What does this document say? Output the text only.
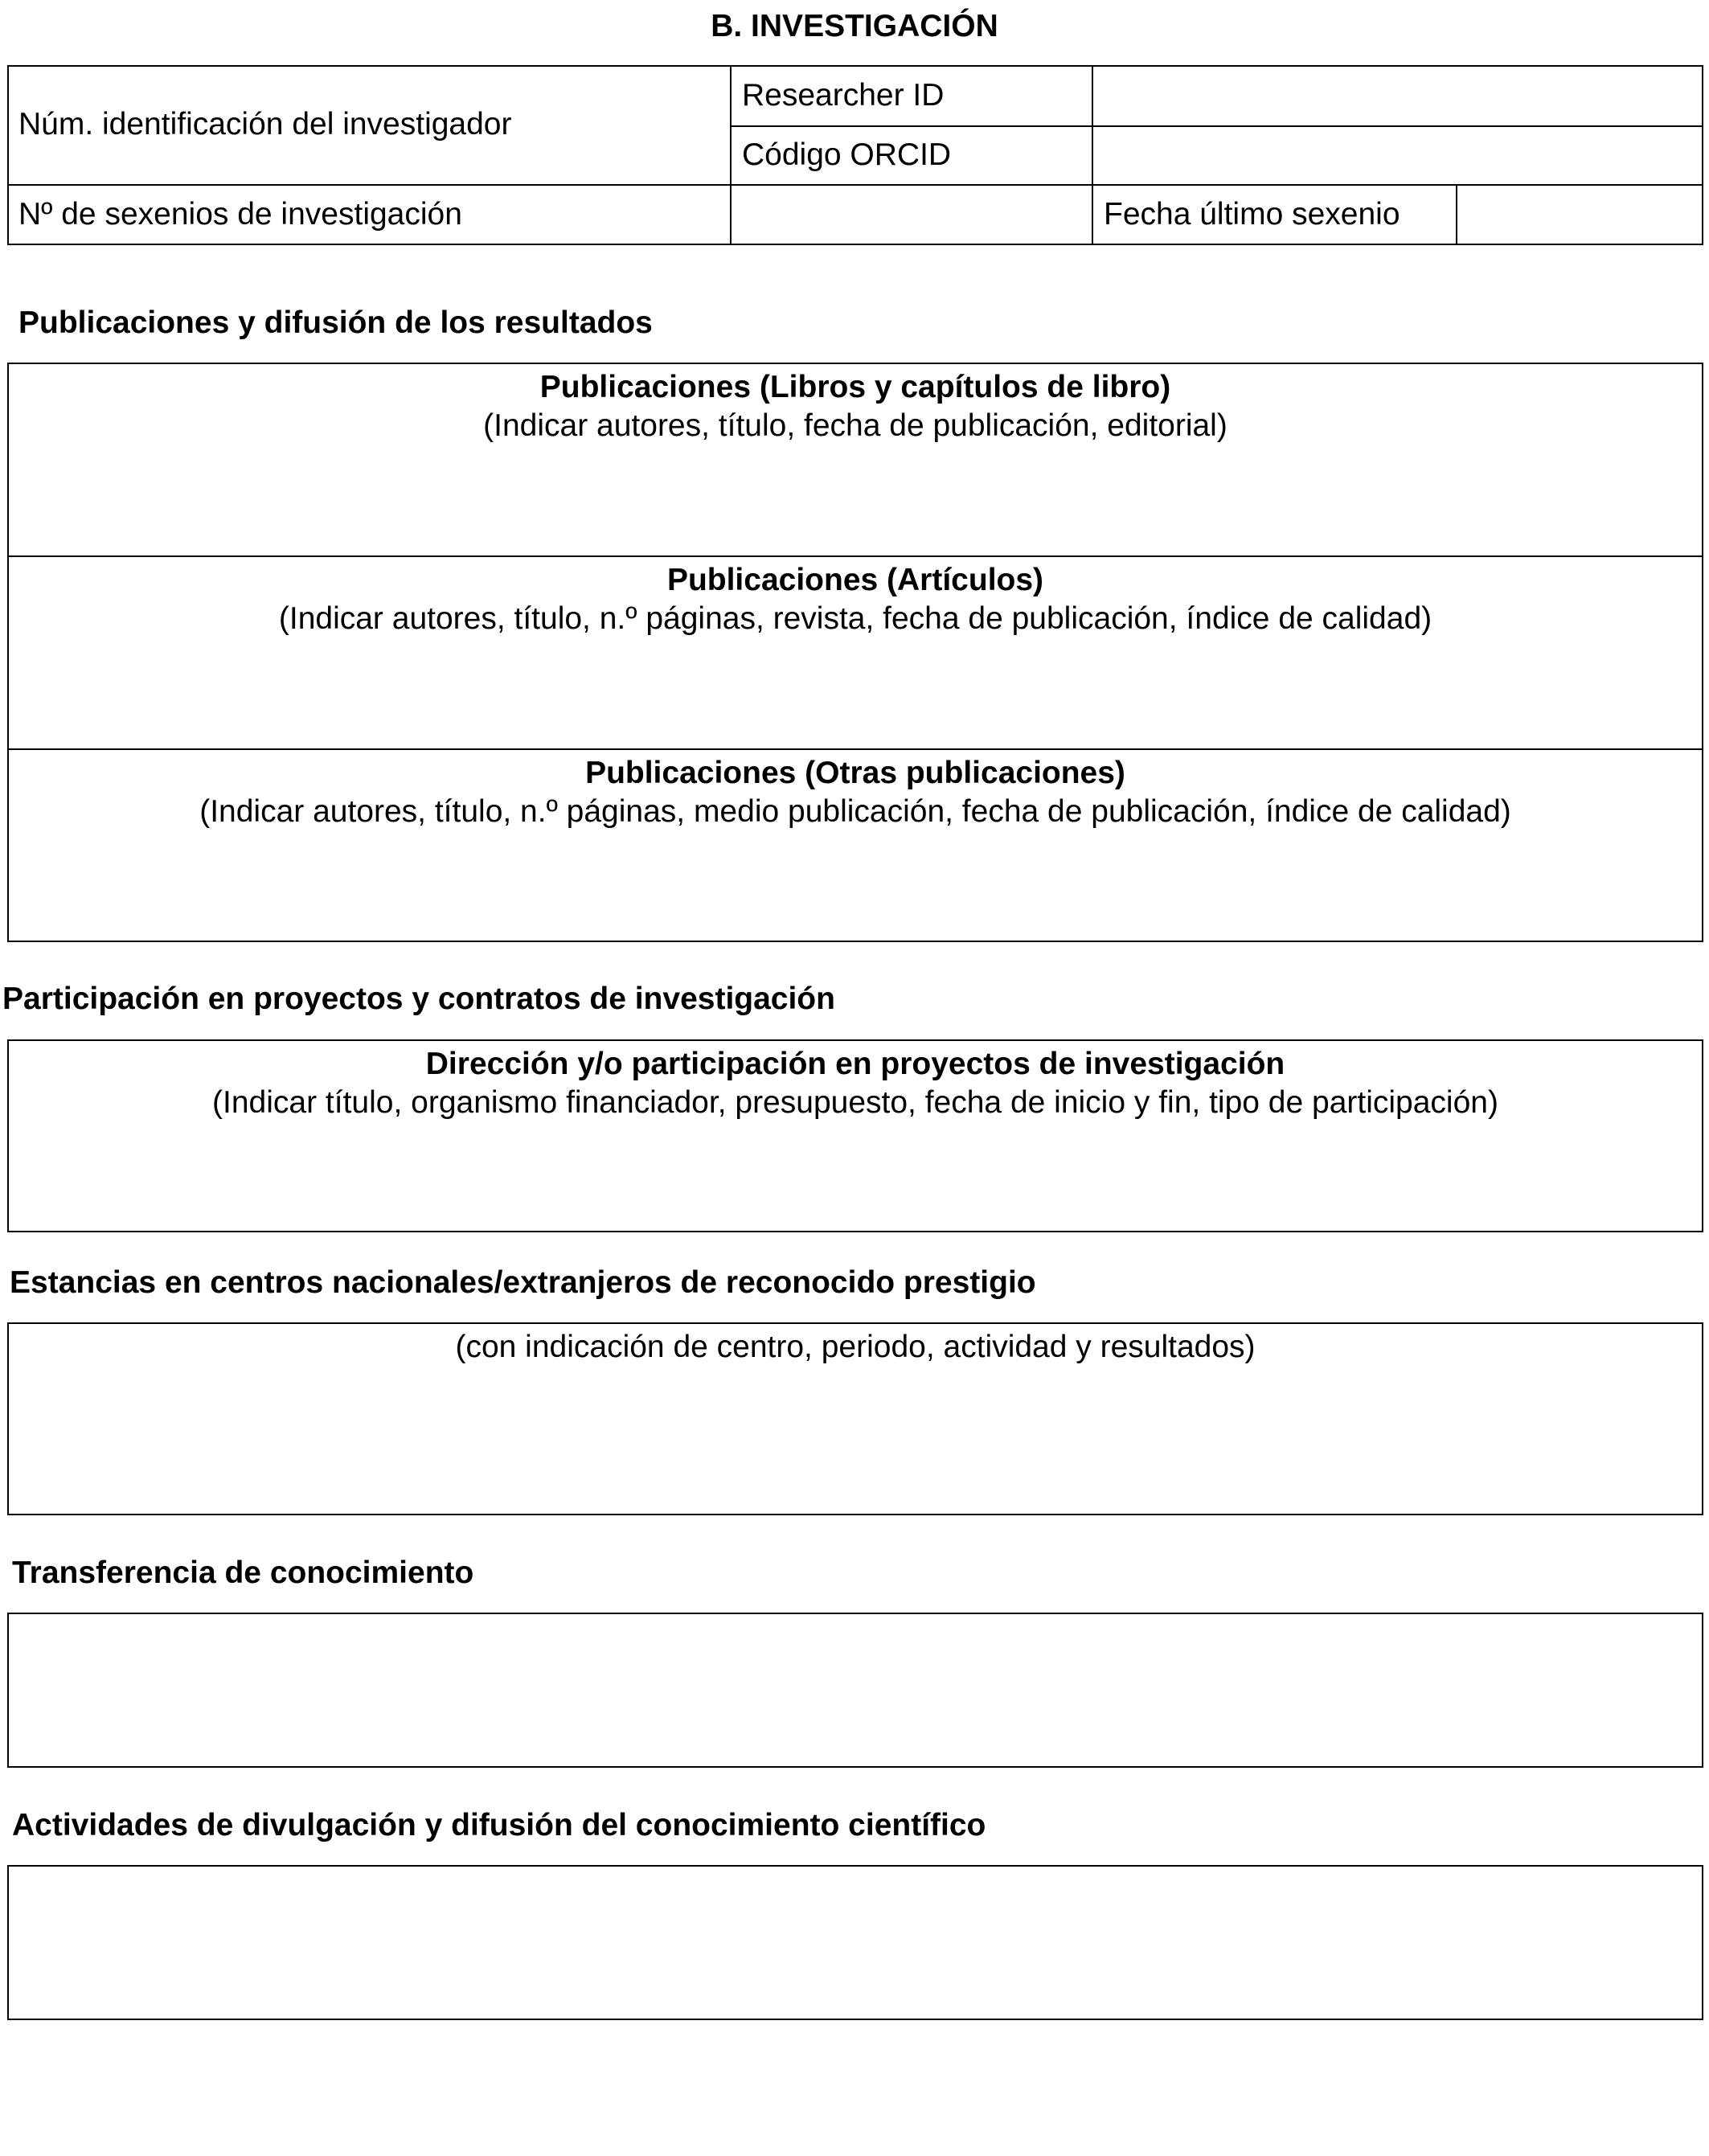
B. INVESTIGACIÓN
Núm. identificación del investigador
Researcher ID
Código ORCID
Nº de sexenios de investigación	Fecha último sexenio
Publicaciones y difusión de los resultados
Publicaciones (Libros y capítulos de libro)
(Indicar autores, título, fecha de publicación, editorial)
Publicaciones (Artículos)
(Indicar autores, título, n.º páginas, revista, fecha de publicación, índice de calidad)
Publicaciones (Otras publicaciones)
(Indicar autores, título, n.º páginas, medio publicación, fecha de publicación, índice de calidad)
Participación en proyectos y contratos de investigación
Dirección y/o participación en proyectos de investigación
(Indicar título, organismo financiador, presupuesto, fecha de inicio y fin, tipo de participación)
Estancias en centros nacionales/extranjeros de reconocido prestigio
(con indicación de centro, periodo, actividad y resultados)
Transferencia de conocimiento
Actividades de divulgación y difusión del conocimiento científico
